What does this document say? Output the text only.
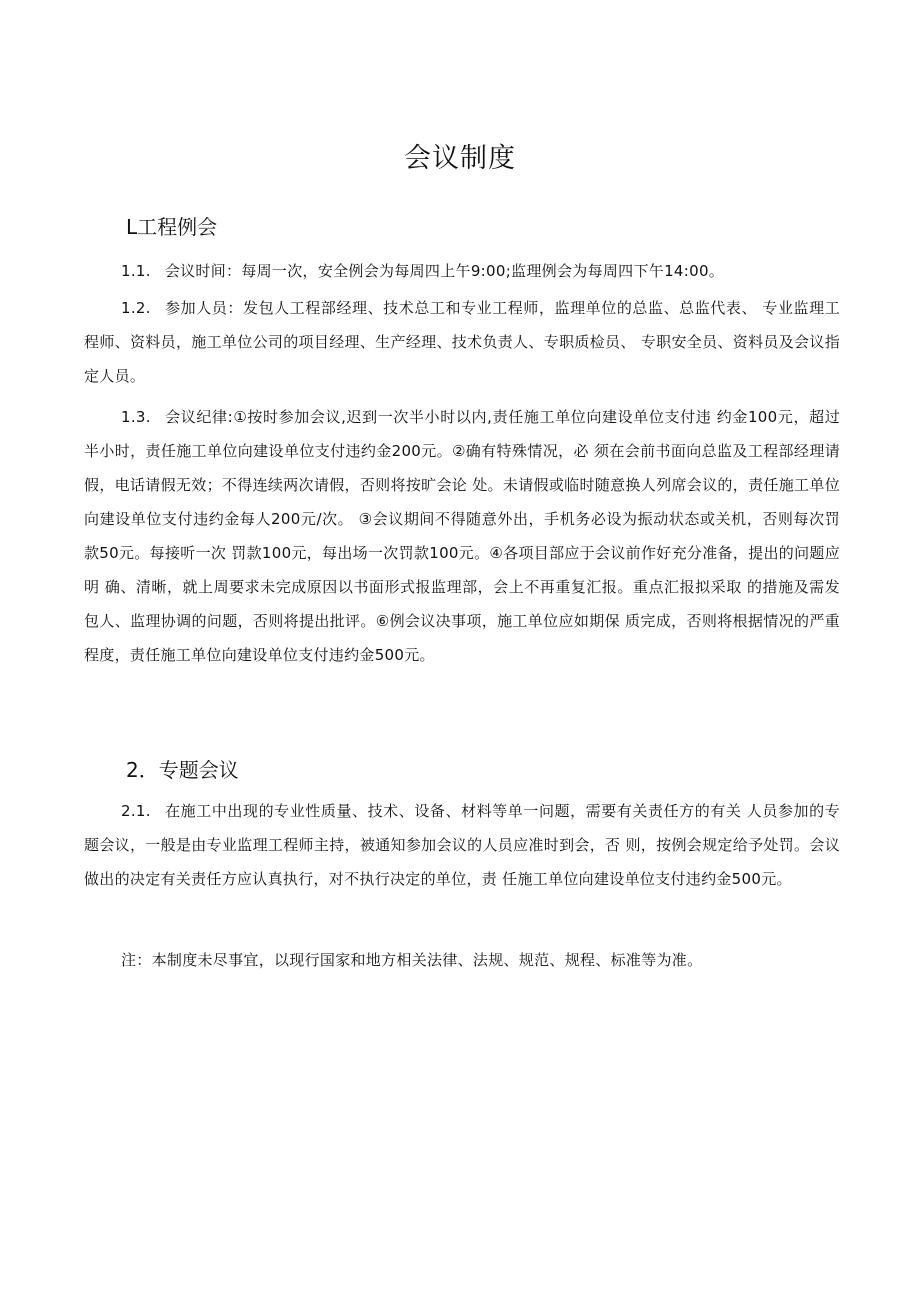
会议制度
L工程例会

1.1. 会议时间：每周一次，安全例会为每周四上午9:00;监理例会为每周四下午14:00。

1.2. 参加人员：发包人工程部经理、技术总工和专业工程师，监理单位的总监、总监代表、 专业监理工程师、资料员，施工单位公司的项目经理、生产经理、技术负责人、专职质检员、 专职安全员、资料员及会议指定人员。

1.3. 会议纪律:①按时参加会议,迟到一次半小时以内,责任施工单位向建设单位支付违 约金100元，超过半小时，责任施工单位向建设单位支付违约金200元。②确有特殊情况，必 须在会前书面向总监及工程部经理请假，电话请假无效；不得连续两次请假，否则将按旷会论 处。未请假或临时随意换人列席会议的，责任施工单位向建设单位支付违约金每人200元/次。 ③会议期间不得随意外出，手机务必设为振动状态或关机，否则每次罚款50元。每接听一次 罚款100元，每出场一次罚款100元。④各项目部应于会议前作好充分准备，提出的问题应明 确、清晰，就上周要求未完成原因以书面形式报监理部，会上不再重复汇报。重点汇报拟采取 的措施及需发包人、监理协调的问题，否则将提出批评。⑥例会议决事项，施工单位应如期保 质完成，否则将根据情况的严重程度，责任施工单位向建设单位支付违约金500元。

2．专题会议

2.1. 在施工中出现的专业性质量、技术、设备、材料等单一问题，需要有关责任方的有关 人员参加的专题会议，一般是由专业监理工程师主持，被通知参加会议的人员应准时到会，否 则，按例会规定给予处罚。会议做出的决定有关责任方应认真执行，对不执行决定的单位，责 任施工单位向建设单位支付违约金500元。

注：本制度未尽事宜，以现行国家和地方相关法律、法规、规范、规程、标准等为准。
